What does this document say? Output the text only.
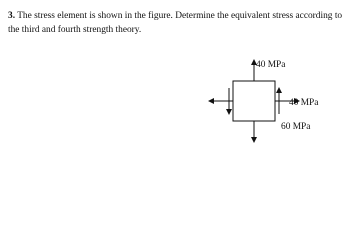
3. The stress element is shown in the figure. Determine the equivalent stress according to the third and fourth strength theory.

40 MPa
40 MPa
60 MPa
